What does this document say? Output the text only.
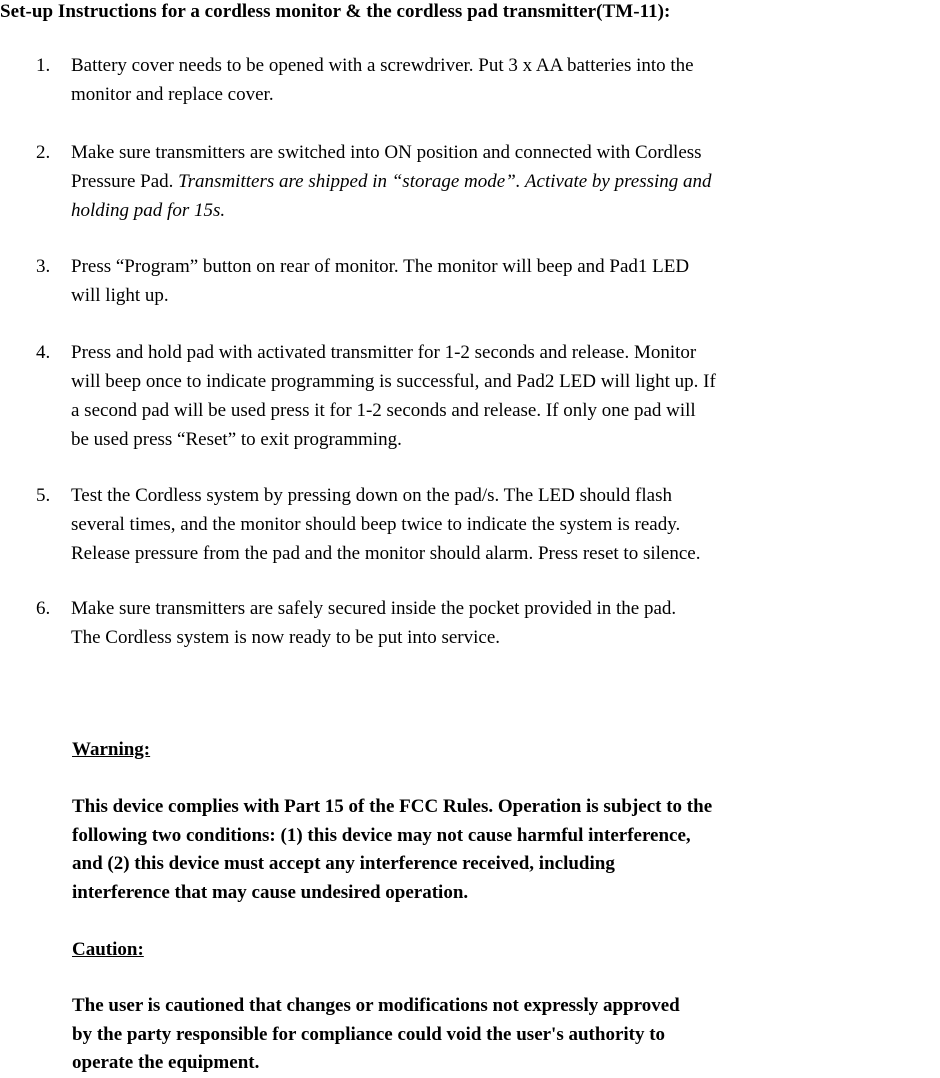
Set-up Instructions for a cordless monitor & the cordless pad transmitter(TM-11):
1. Battery cover needs to be opened with a screwdriver. Put 3 x AA batteries into the
monitor and replace cover.

2. Make sure transmitters are switched into ON position and connected with Cordless
Pressure Pad. Transmitters are shipped in “storage mode”. Activate by pressing and
holding pad for 15s.

3. Press “Program” button on rear of monitor. The monitor will beep and Pad1 LED
will light up.

4. Press and hold pad with activated transmitter for 1-2 seconds and release. Monitor
will beep once to indicate programming is successful, and Pad2 LED will light up. If
a second pad will be used press it for 1-2 seconds and release. If only one pad will
be used press “Reset” to exit programming.

5. Test the Cordless system by pressing down on the pad/s. The LED should flash
several times, and the monitor should beep twice to indicate the system is ready.
Release pressure from the pad and the monitor should alarm. Press reset to silence.

6. Make sure transmitters are safely secured inside the pocket provided in the pad.
The Cordless system is now ready to be put into service.

Warning:

This device complies with Part 15 of the FCC Rules. Operation is subject to the
following two conditions: (1) this device may not cause harmful interference,
and (2) this device must accept any interference received, including
interference that may cause undesired operation.

Caution:

The user is cautioned that changes or modifications not expressly approved
by the party responsible for compliance could void the user's authority to
operate the equipment.
